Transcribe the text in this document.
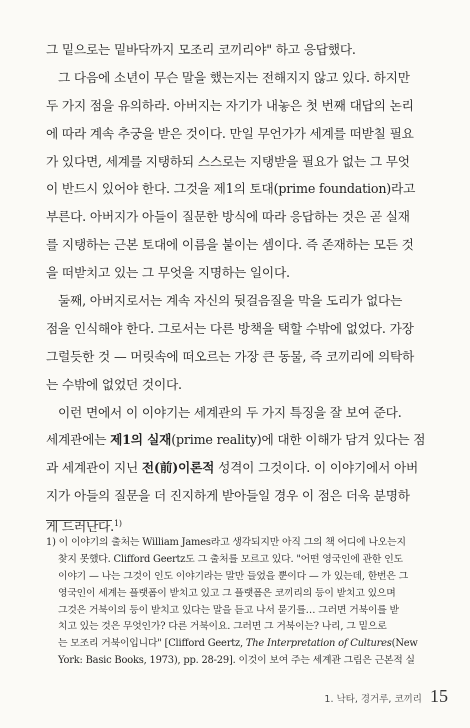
그 밑으로는 밑바닥까지 모조리 코끼리야" 하고 응답했다.
그 다음에 소년이 무슨 말을 했는지는 전해지지 않고 있다. 하지만
두 가지 점을 유의하라. 아버지는 자기가 내놓은 첫 번째 대답의 논리
에 따라 계속 추궁을 받은 것이다. 만일 무언가가 세계를 떠받칠 필요
가 있다면, 세계를 지탱하되 스스로는 지탱받을 필요가 없는 그 무엇
이 반드시 있어야 한다. 그것을 제1의 토대(prime foundation)라고
부른다. 아버지가 아들이 질문한 방식에 따라 응답하는 것은 곧 실재
를 지탱하는 근본 토대에 이름을 붙이는 셈이다. 즉 존재하는 모든 것
을 떠받치고 있는 그 무엇을 지명하는 일이다.
둘째, 아버지로서는 계속 자신의 뒷걸음질을 막을 도리가 없다는
점을 인식해야 한다. 그로서는 다른 방책을 택할 수밖에 없었다. 가장
그럴듯한 것 — 머릿속에 떠오르는 가장 큰 동물, 즉 코끼리에 의탁하
는 수밖에 없었던 것이다.
이런 면에서 이 이야기는 세계관의 두 가지 특징을 잘 보여 준다.
세계관에는 제1의 실재(prime reality)에 대한 이해가 담겨 있다는 점
과 세계관이 지닌 전(前)이론적 성격이 그것이다. 이 이야기에서 아버
지가 아들의 질문을 더 진지하게 받아들일 경우 이 점은 더욱 분명하
게 드러난다.$^{1)}$
1) 이 이야기의 출처는 William James라고 생각되지만 아직 그의 책 어디에 나오는지
찾지 못했다. Clifford Geertz도 그 출처를 모르고 있다. "어떤 영국인에 관한 인도
이야기 — 나는 그것이 인도 이야기라는 말만 들었을 뿐이다 — 가 있는데, 한번은 그
영국인이 세계는 플랫폼이 받치고 있고 그 플랫폼은 코끼리의 등이 받치고 있으며
그것은 거북이의 등이 받치고 있다는 말을 듣고 나서 묻기를… 그러면 거북이를 받
치고 있는 것은 무엇인가? 다른 거북이요. 그러면 그 거북이는? 나리, 그 밑으로
는 모조리 거북이입니다" [Clifford Geertz, The Interpretation of Cultures(New
York: Basic Books, 1973), pp. 28-29]. 이것이 보여 주는 세계관 그림은 근본적 실
1. 낙타, 경거루, 코끼리 15
